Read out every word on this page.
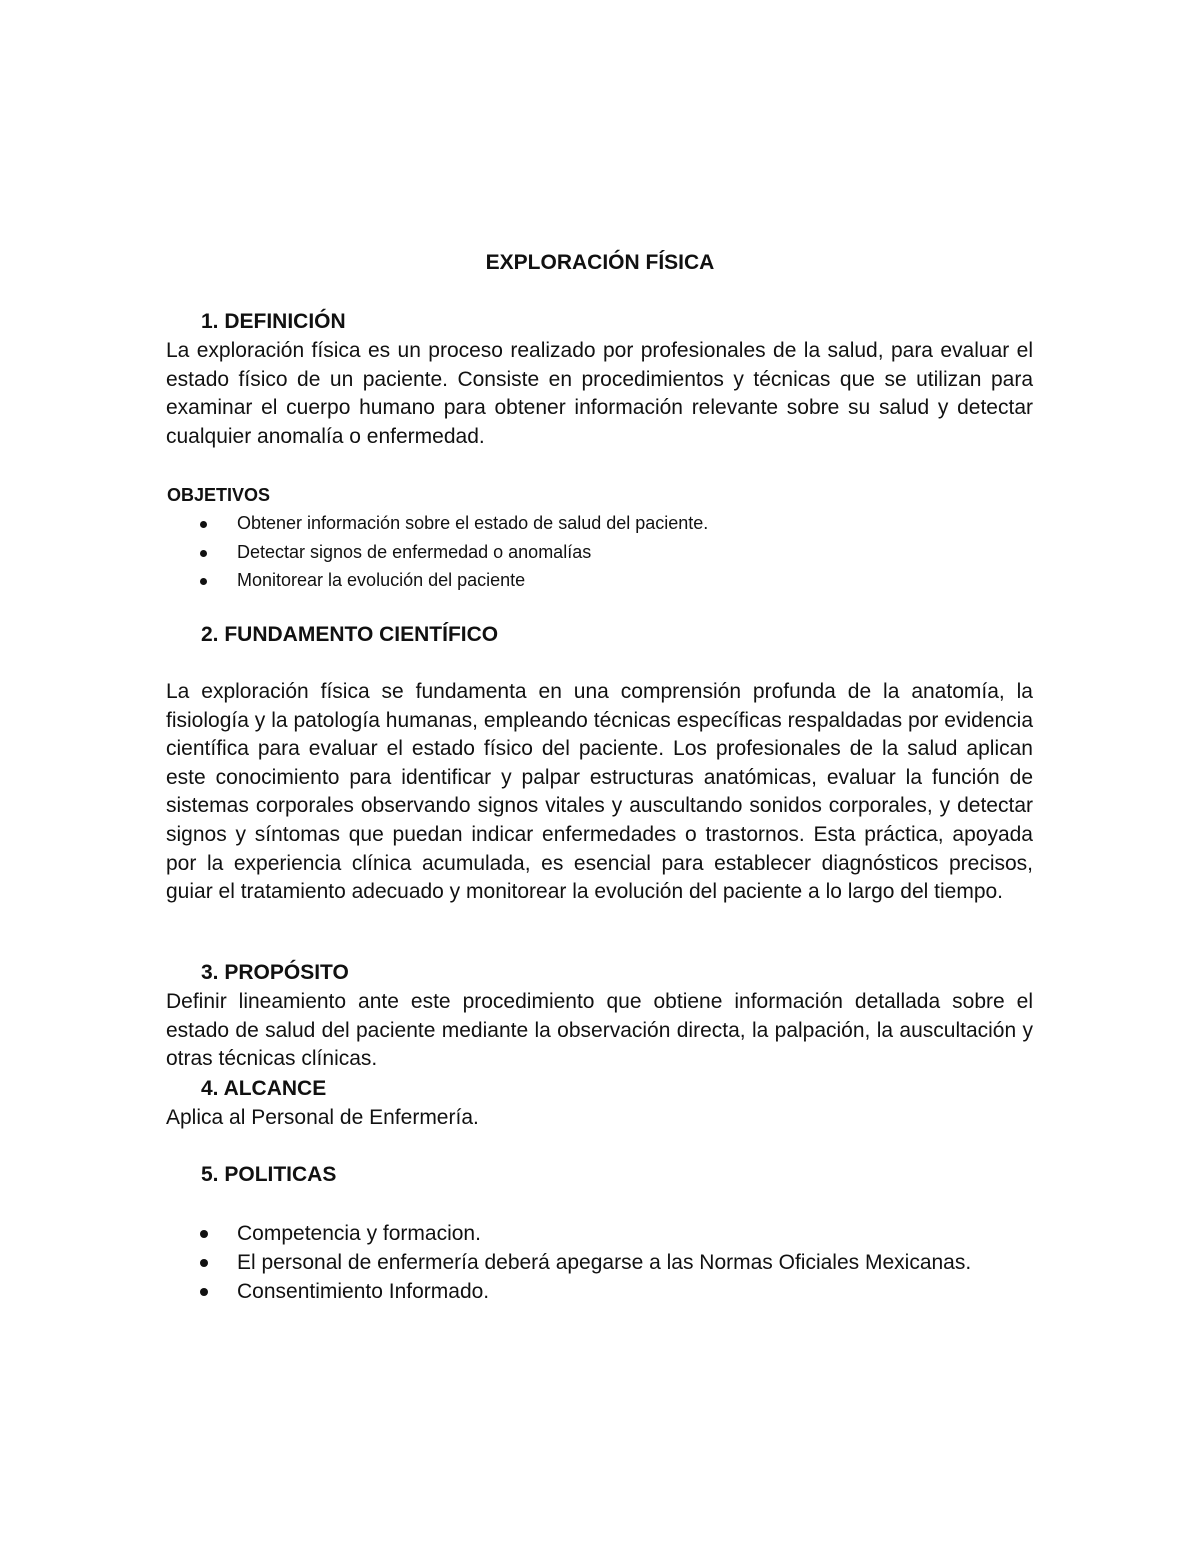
EXPLORACIÓN FÍSICA
1. DEFINICIÓN

La exploración física es un proceso realizado por profesionales de la salud, para evaluar el estado físico de un paciente. Consiste en procedimientos y técnicas que se utilizan para examinar el cuerpo humano para obtener información relevante sobre su salud y detectar cualquier anomalía o enfermedad.

OBJETIVOS
Obtener información sobre el estado de salud del paciente.
Detectar signos de enfermedad o anomalías
Monitorear la evolución del paciente
2. FUNDAMENTO CIENTÍFICO

La exploración física se fundamenta en una comprensión profunda de la anatomía, la fisiología y la patología humanas, empleando técnicas específicas respaldadas por evidencia científica para evaluar el estado físico del paciente. Los profesionales de la salud aplican este conocimiento para identificar y palpar estructuras anatómicas, evaluar la función de sistemas corporales observando signos vitales y auscultando sonidos corporales, y detectar signos y síntomas que puedan indicar enfermedades o trastornos. Esta práctica, apoyada por la experiencia clínica acumulada, es esencial para establecer diagnósticos precisos, guiar el tratamiento adecuado y monitorear la evolución del paciente a lo largo del tiempo.

3. PROPÓSITO

Definir lineamiento ante este procedimiento que obtiene información detallada sobre el estado de salud del paciente mediante la observación directa, la palpación, la auscultación y otras técnicas clínicas.

4. ALCANCE

Aplica al Personal de Enfermería.

5. POLITICAS
Competencia y formacion.
El personal de enfermería deberá apegarse a las Normas Oficiales Mexicanas.
Consentimiento Informado.
